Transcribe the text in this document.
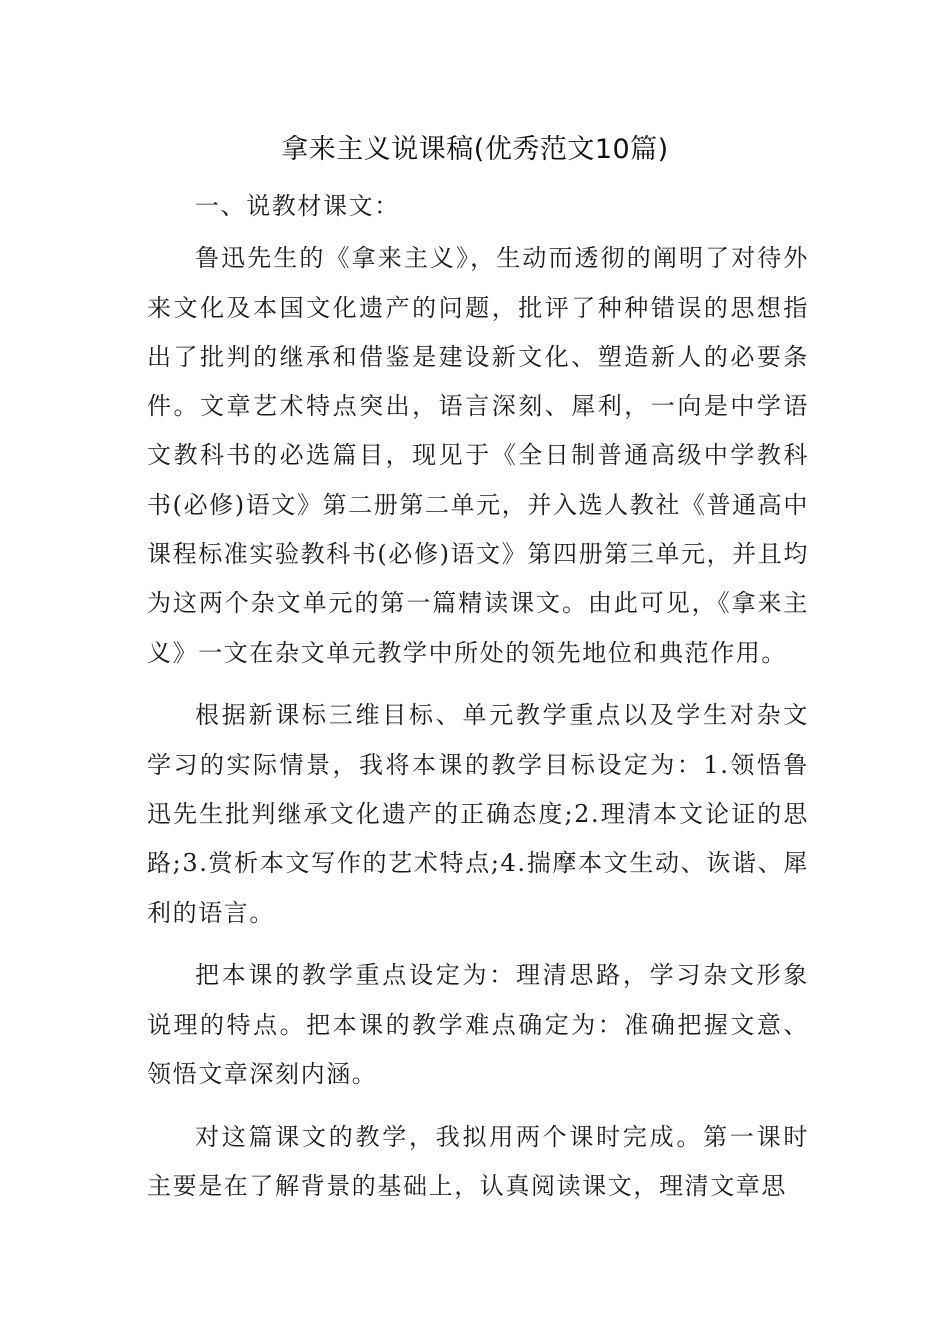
拿来主义说课稿(优秀范文10篇)

一、说教材课文：

鲁迅先生的《拿来主义》，生动而透彻的阐明了对待外来文化及本国文化遗产的问题，批评了种种错误的思想指出了批判的继承和借鉴是建设新文化、塑造新人的必要条件。文章艺术特点突出，语言深刻、犀利，一向是中学语文教科书的必选篇目，现见于《全日制普通高级中学教科书(必修)语文》第二册第二单元，并入选人教社《普通高中课程标准实验教科书(必修)语文》第四册第三单元，并且均为这两个杂文单元的第一篇精读课文。由此可见，《拿来主义》一文在杂文单元教学中所处的领先地位和典范作用。

根据新课标三维目标、单元教学重点以及学生对杂文学习的实际情景，我将本课的教学目标设定为：1.领悟鲁迅先生批判继承文化遗产的正确态度;2.理清本文论证的思路;3.赏析本文写作的艺术特点;4.揣摩本文生动、诙谐、犀利的语言。

把本课的教学重点设定为：理清思路，学习杂文形象说理的特点。把本课的教学难点确定为：准确把握文意、领悟文章深刻内涵。

对这篇课文的教学，我拟用两个课时完成。第一课时主要是在了解背景的基础上，认真阅读课文，理清文章思
